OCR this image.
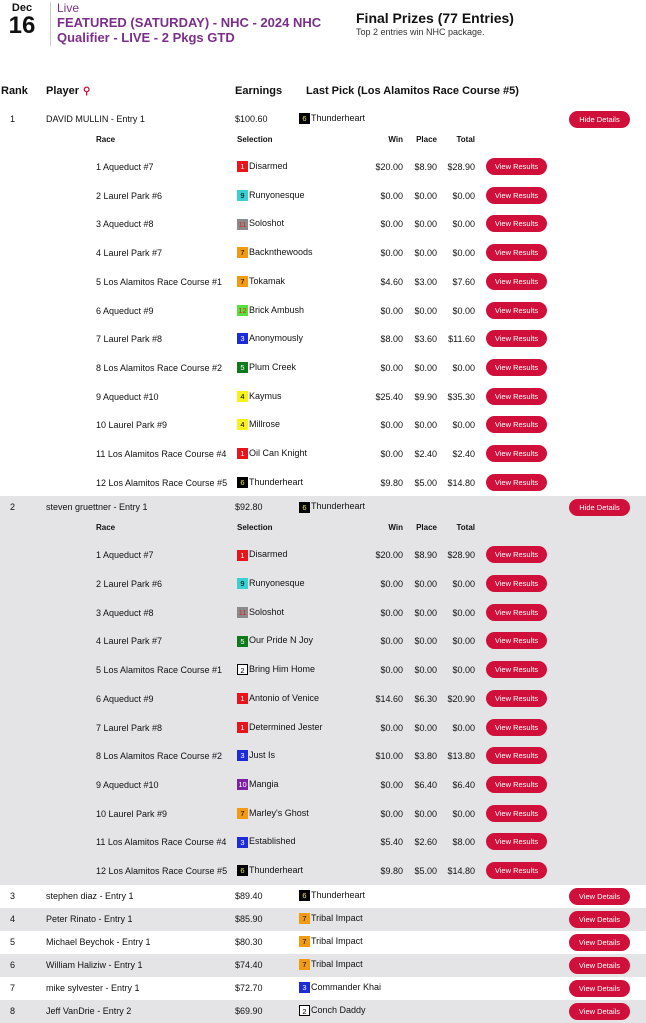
Dec
16
Live
FEATURED (SATURDAY) - NHC - 2024 NHC Qualifier - LIVE - 2 Pkgs GTD
Final Prizes (77 Entries)
Top 2 entries win NHC package.
Rank Player ⚲	Earnings Last Pick (Los Alamitos Race Course #5)
1	DAVID MULLIN - Entry 1	$100.60	6 Thunderheart	Hide Details
Race	Selection	Win	Place	Total
1 Aqueduct #7	1 Disarmed	$20.00	$8.90	$28.90	View Results
2 Laurel Park #6	9 Runyonesque	$0.00	$0.00	$0.00	View Results
3 Aqueduct #8	11 Soloshot	$0.00	$0.00	$0.00	View Results
4 Laurel Park #7	7 Backnthewoods	$0.00	$0.00	$0.00	View Results
5 Los Alamitos Race Course #1	7 Tokamak	$4.60	$3.00	$7.60	View Results
6 Aqueduct #9	12 Brick Ambush	$0.00	$0.00	$0.00	View Results
7 Laurel Park #8	3 Anonymously	$8.00	$3.60	$11.60	View Results
8 Los Alamitos Race Course #2	5 Plum Creek	$0.00	$0.00	$0.00	View Results
9 Aqueduct #10	4 Kaymus	$25.40	$9.90	$35.30	View Results
10 Laurel Park #9	4 Millrose	$0.00	$0.00	$0.00	View Results
11 Los Alamitos Race Course #4	1 Oil Can Knight	$0.00	$2.40	$2.40	View Results
12 Los Alamitos Race Course #5	6 Thunderheart	$9.80	$5.00	$14.80	View Results
2	steven gruettner - Entry 1	$92.80	6 Thunderheart	Hide Details
Race	Selection	Win	Place	Total
1 Aqueduct #7	1 Disarmed	$20.00	$8.90	$28.90	View Results
2 Laurel Park #6	9 Runyonesque	$0.00	$0.00	$0.00	View Results
3 Aqueduct #8	11 Soloshot	$0.00	$0.00	$0.00	View Results
4 Laurel Park #7	5 Our Pride N Joy	$0.00	$0.00	$0.00	View Results
5 Los Alamitos Race Course #1	2 Bring Him Home	$0.00	$0.00	$0.00	View Results
6 Aqueduct #9	1 Antonio of Venice	$14.60	$6.30	$20.90	View Results
7 Laurel Park #8	1 Determined Jester	$0.00	$0.00	$0.00	View Results
8 Los Alamitos Race Course #2	3 Just Is	$10.00	$3.80	$13.80	View Results
9 Aqueduct #10	10 Mangia	$0.00	$6.40	$6.40	View Results
10 Laurel Park #9	7 Marley's Ghost	$0.00	$0.00	$0.00	View Results
11 Los Alamitos Race Course #4	3 Established	$5.40	$2.60	$8.00	View Results
12 Los Alamitos Race Course #5	6 Thunderheart	$9.80	$5.00	$14.80	View Results
3	stephen diaz - Entry 1	$89.40	6 Thunderheart	View Details
4	Peter Rinato - Entry 1	$85.90	7 Tribal Impact	View Details
5	Michael Beychok - Entry 1	$80.30	7 Tribal Impact	View Details
6	William Haliziw - Entry 1	$74.40	7 Tribal Impact	View Details
7	mike sylvester - Entry 1	$72.70	3 Commander Khai	View Details
8	Jeff VanDrie - Entry 2	$69.90	2 Conch Daddy	View Details
